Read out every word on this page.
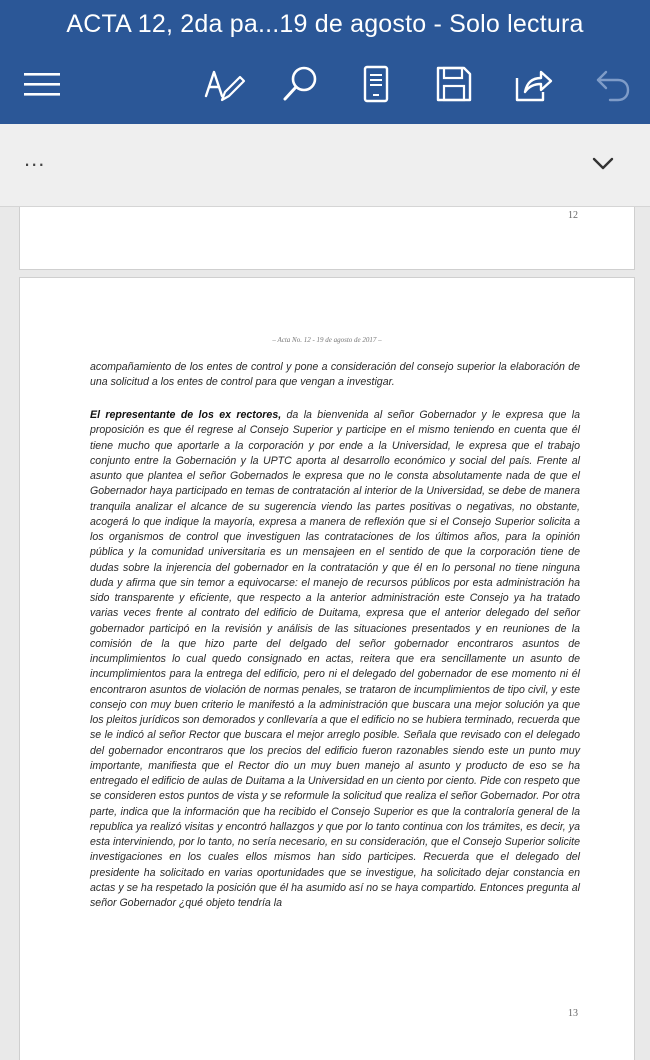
ACTA 12, 2da pa...19 de agosto - Solo lectura
...
12
– Acta No. 12 - 19 de agosto de 2017 –
acompañamiento de los entes de control y pone a consideración del consejo superior la elaboración de una solicitud a los entes de control para que vengan a investigar.
El representante de los ex rectores, da la bienvenida al señor Gobernador y le expresa que la proposición es que él regrese al Consejo Superior y participe en el mismo teniendo en cuenta que él tiene mucho que aportarle a la corporación y por ende a la Universidad, le expresa que el trabajo conjunto entre la Gobernación y la UPTC aporta al desarrollo económico y social del país. Frente al asunto que plantea el señor Gobernados le expresa que no le consta absolutamente nada de que el Gobernador haya participado en temas de contratación al interior de la Universidad, se debe de manera tranquila analizar el alcance de su sugerencia viendo las partes positivas o negativas, no obstante, acogerá lo que indique la mayoría, expresa a manera de reflexión que si el Consejo Superior solicita a los organismos de control que investiguen las contrataciones de los últimos años, para la opinión pública y la comunidad universitaria es un mensajeen en el sentido de que la corporación tiene de dudas sobre la injerencia del gobernador en la contratación y que él en lo personal no tiene ninguna duda y afirma que sin temor a equivocarse: el manejo de recursos públicos por esta administración ha sido transparente y eficiente, que respecto a la anterior administración este Consejo ya ha tratado varias veces frente al contrato del edificio de Duitama, expresa que el anterior delegado del señor gobernador participó en la revisión y análisis de las situaciones presentados y en reuniones de la comisión de la que hizo parte del delgado del señor gobernador encontraros asuntos de incumplimientos lo cual quedo consignado en actas, reitera que era sencillamente un asunto de incumplimientos para la entrega del edificio, pero ni el delegado del gobernador de ese momento ni él encontraron asuntos de violación de normas penales, se trataron de incumplimientos de tipo civil, y este consejo con muy buen criterio le manifestó a la administración que buscara una mejor solución ya que los pleitos jurídicos son demorados y conllevaría a que el edificio no se hubiera terminado, recuerda que se le indicó al señor Rector que buscara el mejor arreglo posible. Señala que revisado con el delegado del gobernador encontraros que los precios del edificio fueron razonables siendo este un punto muy importante, manifiesta que el Rector dio un muy buen manejo al asunto y producto de eso se ha entregado el edificio de aulas de Duitama a la Universidad en un ciento por ciento. Pide con respeto que se consideren estos puntos de vista y se reformule la solicitud que realiza el señor Gobernador. Por otra parte, indica que la información que ha recibido el Consejo Superior es que la contraloría general de la republica ya realizó visitas y encontró hallazgos y que por lo tanto continua con los trámites, es decir, ya esta interviniendo, por lo tanto, no sería necesario, en su consideración, que el Consejo Superior solicite investigaciones en los cuales ellos mismos han sido participes. Recuerda que el delegado del presidente ha solicitado en varias oportunidades que se investigue, ha solicitado dejar constancia en actas y se ha respetado la posición que él ha asumido así no se haya compartido. Entonces pregunta al señor Gobernador ¿qué objeto tendría la
13
